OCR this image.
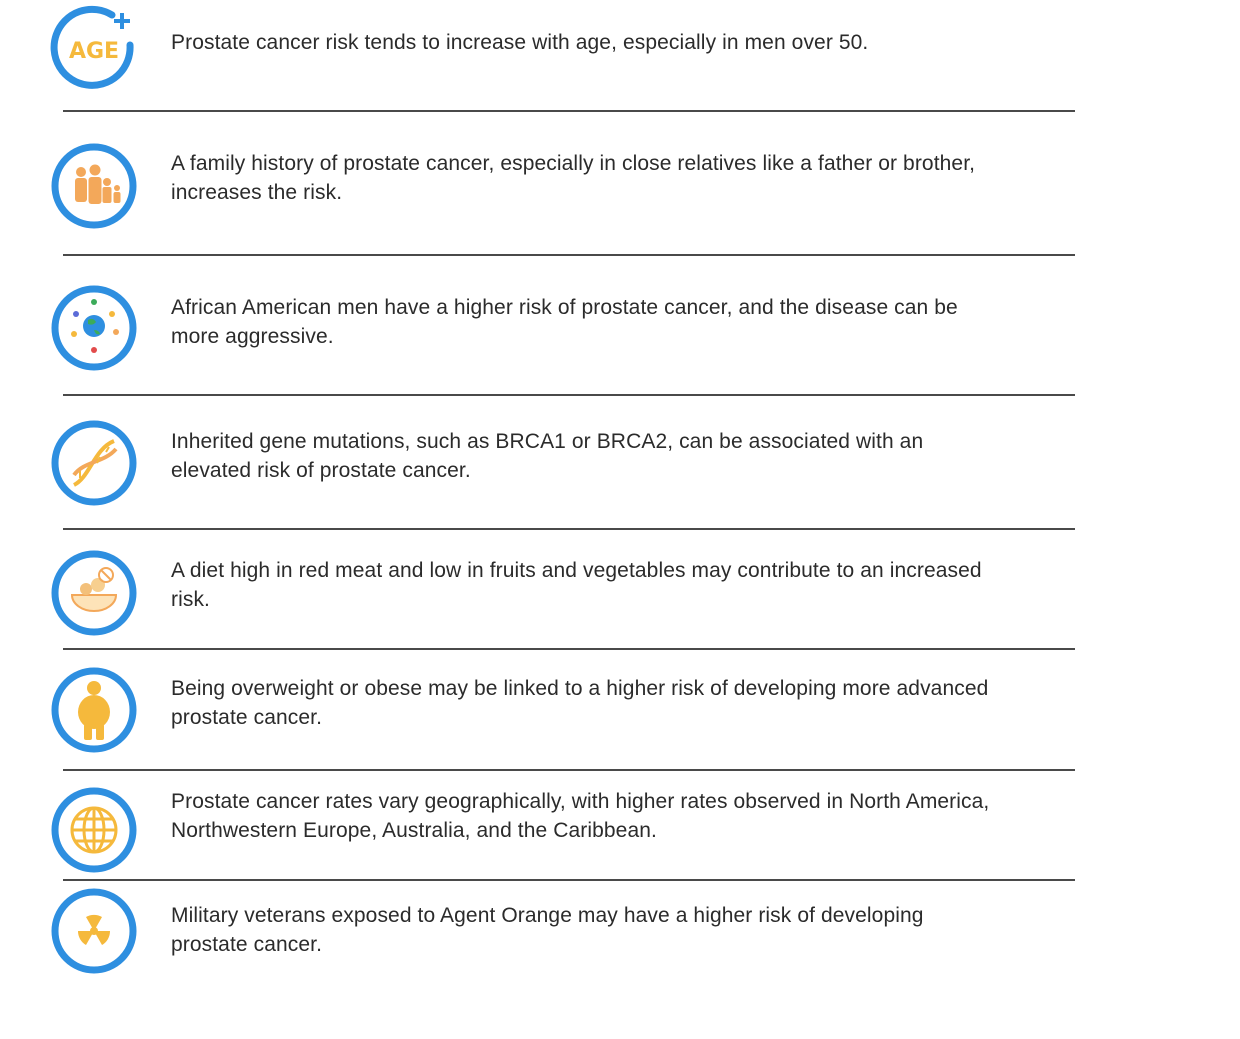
AGE Prostate cancer risk tends to increase with age, especially in men over 50.
A family history of prostate cancer, especially in close relatives like a father or brother, increases the risk.
African American men have a higher risk of prostate cancer, and the disease can be more aggressive.
Inherited gene mutations, such as BRCA1 or BRCA2, can be associated with an elevated risk of prostate cancer.
A diet high in red meat and low in fruits and vegetables may contribute to an increased risk.
Being overweight or obese may be linked to a higher risk of developing more advanced prostate cancer.
Prostate cancer rates vary geographically, with higher rates observed in North America, Northwestern Europe, Australia, and the Caribbean.
Military veterans exposed to Agent Orange may have a higher risk of developing prostate cancer.
